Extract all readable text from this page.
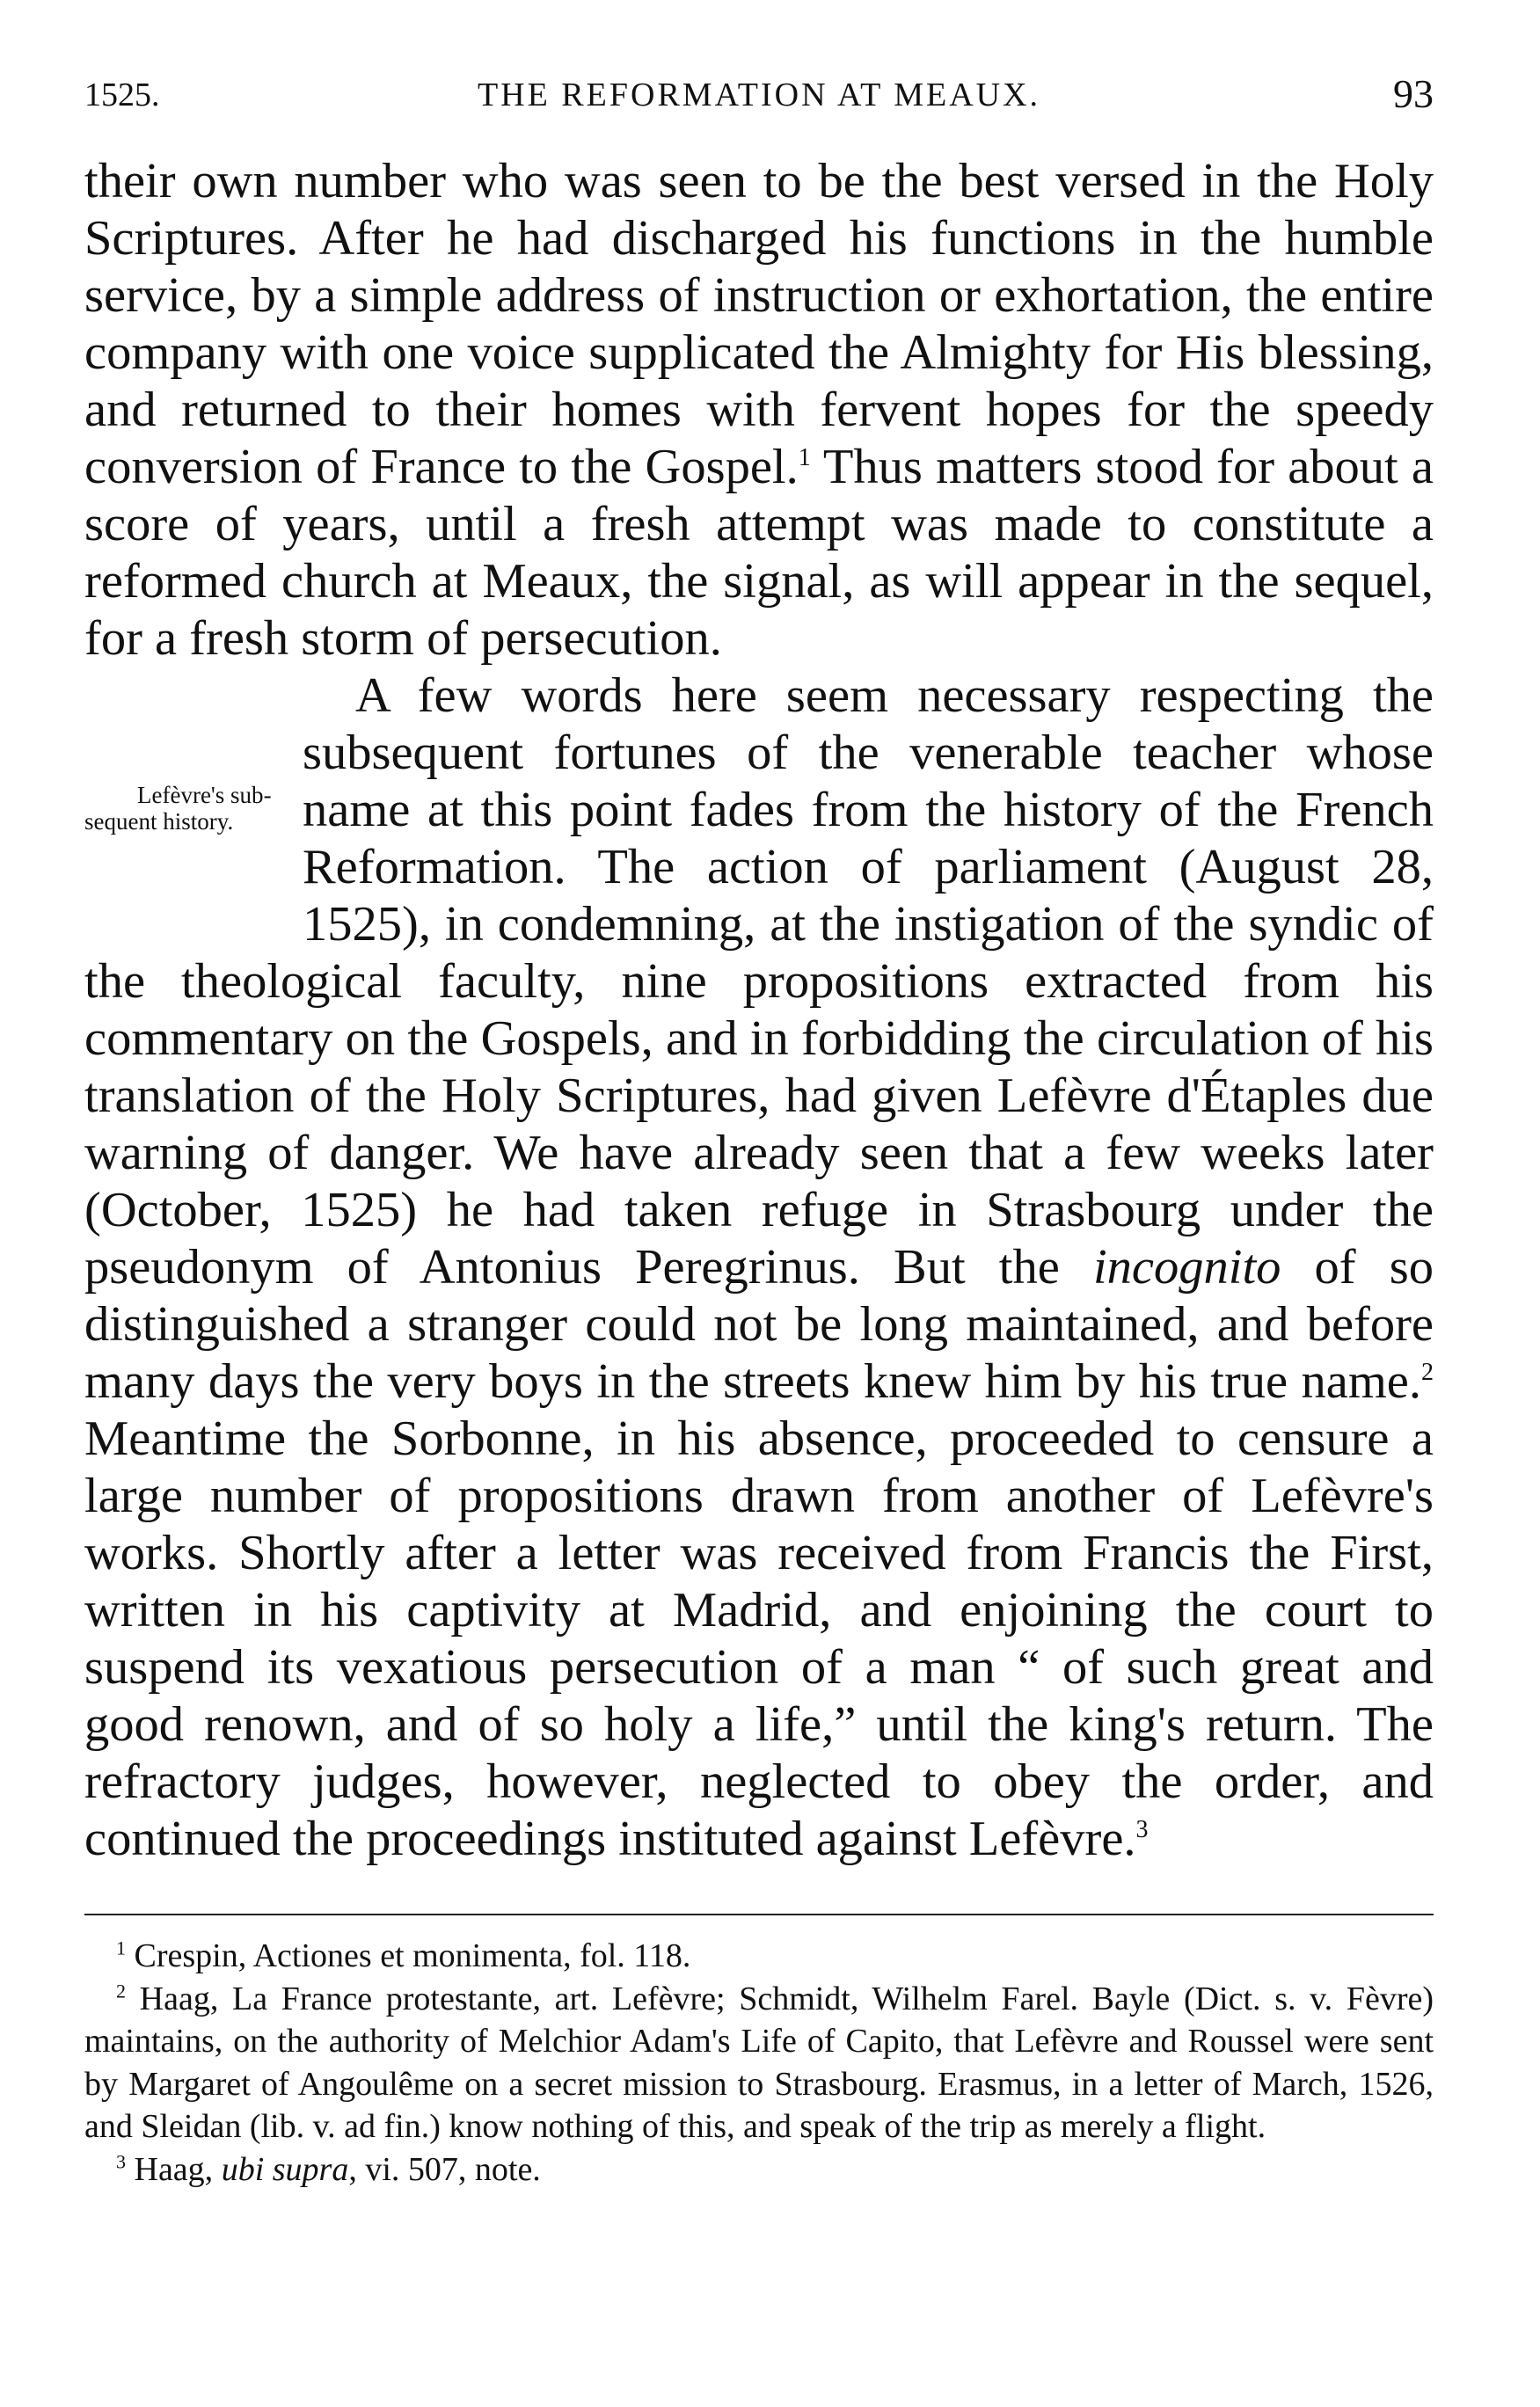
1525.	THE REFORMATION AT MEAUX.	93

their own number who was seen to be the best versed in the Holy Scriptures. After he had discharged his functions in the humble service, by a simple address of instruction or exhortation, the entire company with one voice supplicated the Almighty for His blessing, and returned to their homes with fervent hopes for the speedy conversion of France to the Gospel.$^1$ Thus matters stood for about a score of years, until a fresh attempt was made to constitute a reformed church at Meaux, the signal, as will appear in the sequel, for a fresh storm of persecution.

Lefèvre's subsequent history.
A few words here seem necessary respecting the subsequent fortunes of the venerable teacher whose name at this point fades from the history of the French Reformation. The action of parliament (August 28, 1525), in condemning, at the instigation of the syndic of the theological faculty, nine propositions extracted from his commentary on the Gospels, and in forbidding the circulation of his translation of the Holy Scriptures, had given Lefèvre d'Étaples due warning of danger. We have already seen that a few weeks later (October, 1525) he had taken refuge in Strasbourg under the pseudonym of Antonius Peregrinus. But the incognito of so distinguished a stranger could not be long maintained, and before many days the very boys in the streets knew him by his true name.$^2$ Meantime the Sorbonne, in his absence, proceeded to censure a large number of propositions drawn from another of Lefèvre's works. Shortly after a letter was received from Francis the First, written in his captivity at Madrid, and enjoining the court to suspend its vexatious persecution of a man “ of such great and good renown, and of so holy a life,” until the king's return. The refractory judges, however, neglected to obey the order, and continued the proceedings instituted against Lefèvre.$^3$

$^1$ Crespin, Actiones et monimenta, fol. 118.

$^2$ Haag, La France protestante, art. Lefèvre; Schmidt, Wilhelm Farel. Bayle (Dict. s. v. Fèvre) maintains, on the authority of Melchior Adam's Life of Capito, that Lefèvre and Roussel were sent by Margaret of Angoulême on a secret mission to Strasbourg. Erasmus, in a letter of March, 1526, and Sleidan (lib. v. ad fin.) know nothing of this, and speak of the trip as merely a flight.

$^3$ Haag, ubi supra, vi. 507, note.
